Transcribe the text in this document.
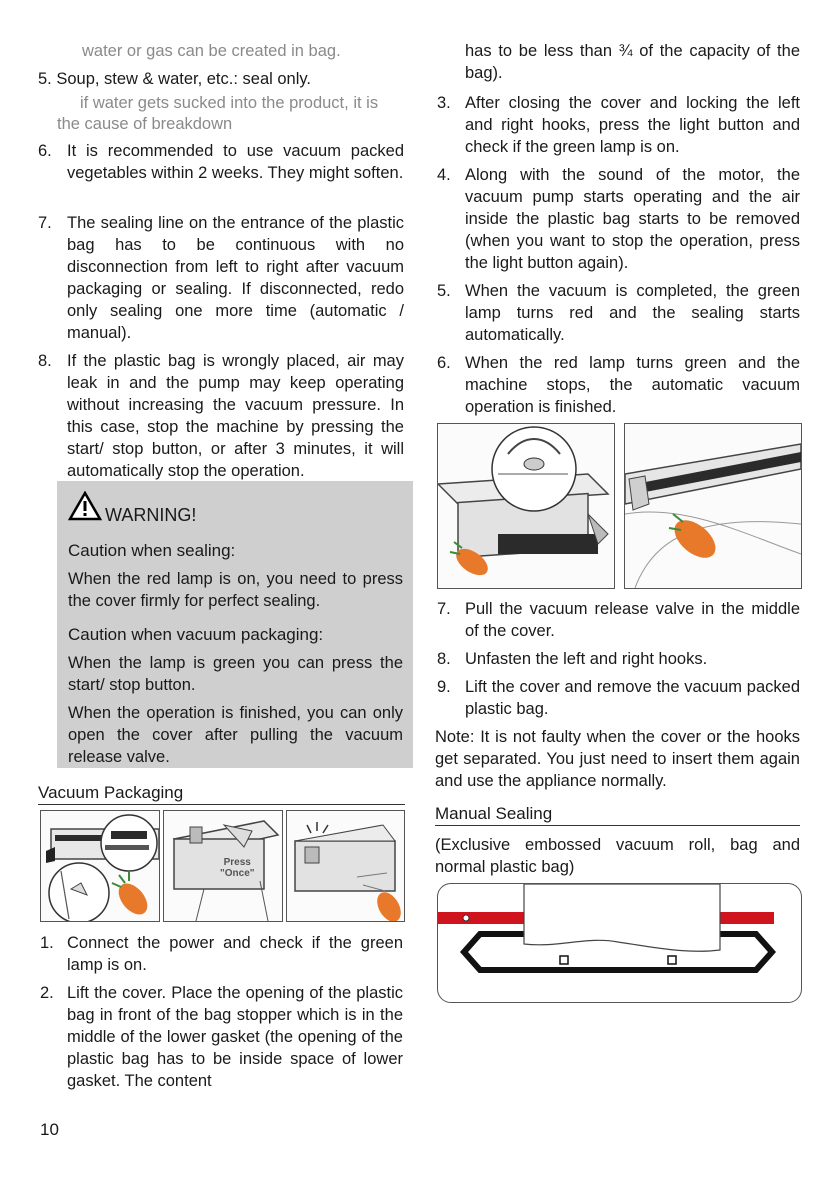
water or gas can be created in bag.
5. Soup, stew & water, etc.: seal only.
if water gets sucked into the product, it is
the cause of breakdown
6. It is recommended to use vacuum packed vegetables within 2 weeks. They might soften.
7. The sealing line on the entrance of the plastic bag has to be continuous with no disconnection from left to right after vacuum packaging or sealing. If disconnected, redo only sealing one more time (automatic / manual).
8. If the plastic bag is wrongly placed, air may leak in and the pump may keep operating without increasing the vacuum pressure. In this case, stop the machine by pressing the start/ stop button, or after 3 minutes, it will automatically stop the operation.
WARNING!
Caution when sealing:
When the red lamp is on, you need to press the cover firmly for perfect sealing.
Caution when vacuum packaging:
When the lamp is green you can press the start/ stop button.
When the operation is finished, you can only open the cover after pulling the vacuum release valve.
Vacuum Packaging
Press
"Once"
1. Connect the power and check if the green lamp is on.
2. Lift the cover. Place the opening of the plastic bag in front of the bag stopper which is in the middle of the lower gasket (the opening of the plastic bag has to be inside space of lower gasket. The content
10
has to be less than ¾ of the capacity of the bag).
3. After closing the cover and locking the left and right hooks, press the light button and check if the green lamp is on.
4. Along with the sound of the motor, the vacuum pump starts operating and the air inside the plastic bag starts to be removed (when you want to stop the operation, press the light button again).
5. When the vacuum is completed, the green lamp turns red and the sealing starts automatically.
6. When the red lamp turns green and the machine stops, the automatic vacuum operation is finished.
7. Pull the vacuum release valve in the middle of the cover.
8. Unfasten the left and right hooks.
9. Lift the cover and remove the vacuum packed plastic bag.
Note: It is not faulty when the cover or the hooks get separated. You just need to insert them again and use the appliance normally.
Manual Sealing
(Exclusive embossed vacuum roll, bag and normal plastic bag)
